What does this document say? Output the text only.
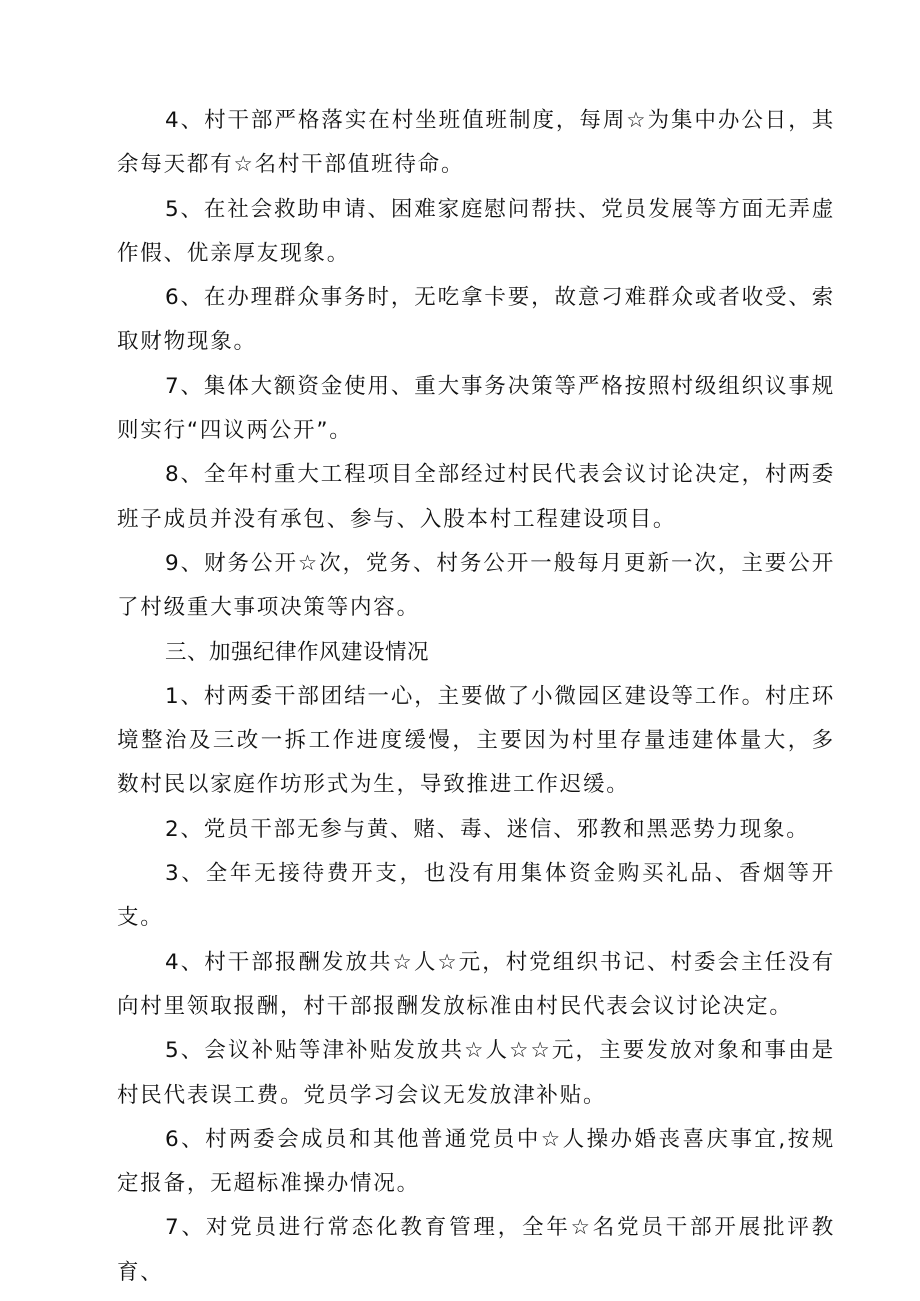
4、村干部严格落实在村坐班值班制度，每周☆为集中办公日，其余每天都有☆名村干部值班待命。

5、在社会救助申请、困难家庭慰问帮扶、党员发展等方面无弄虚作假、优亲厚友现象。

6、在办理群众事务时，无吃拿卡要，故意刁难群众或者收受、索取财物现象。

7、集体大额资金使用、重大事务决策等严格按照村级组织议事规则实行“四议两公开”。

8、全年村重大工程项目全部经过村民代表会议讨论决定，村两委班子成员并没有承包、参与、入股本村工程建设项目。

9、财务公开☆次，党务、村务公开一般每月更新一次，主要公开了村级重大事项决策等内容。

三、加强纪律作风建设情况

1、村两委干部团结一心，主要做了小微园区建设等工作。村庄环境整治及三改一拆工作进度缓慢，主要因为村里存量违建体量大，多数村民以家庭作坊形式为生，导致推进工作迟缓。

2、党员干部无参与黄、赌、毒、迷信、邪教和黑恶势力现象。

3、全年无接待费开支，也没有用集体资金购买礼品、香烟等开支。

4、村干部报酬发放共☆人☆元，村党组织书记、村委会主任没有向村里领取报酬，村干部报酬发放标准由村民代表会议讨论决定。

5、会议补贴等津补贴发放共☆人☆☆元，主要发放对象和事由是村民代表误工费。党员学习会议无发放津补贴。

6、村两委会成员和其他普通党员中☆人操办婚丧喜庆事宜,按规定报备，无超标准操办情况。

7、对党员进行常态化教育管理，全年☆名党员干部开展批评教育、
